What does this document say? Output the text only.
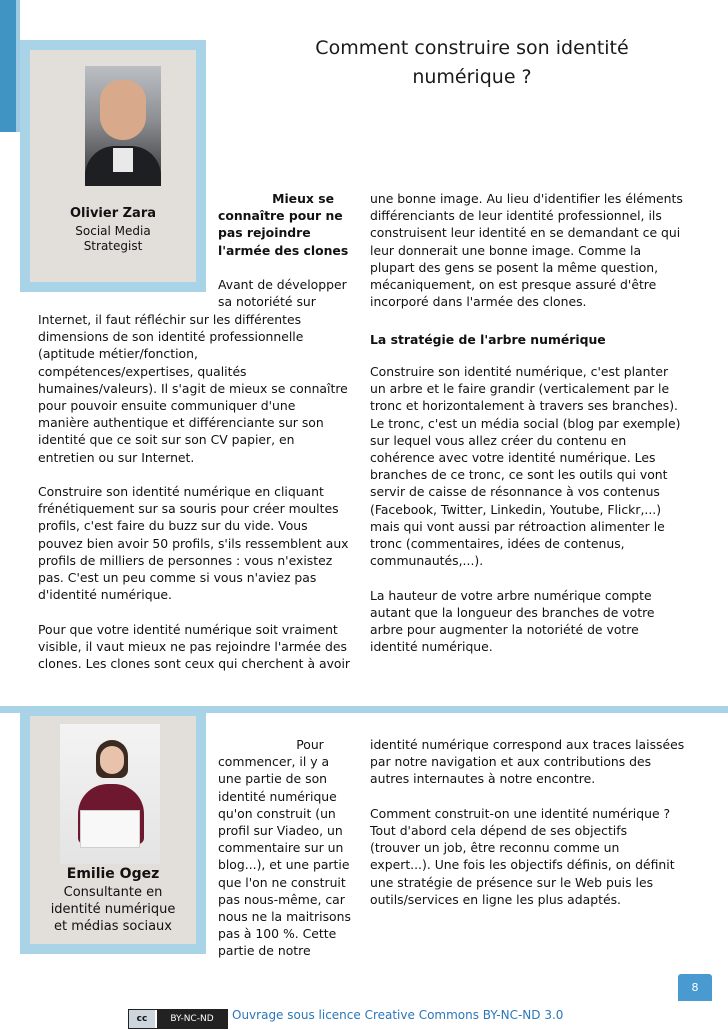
Comment construire son identité
numérique ?
Olivier Zara
Social Media
Strategist
Mieux se
connaître pour ne
pas rejoindre
l'armée des clones
Avant de développer
sa notoriété sur
Internet, il faut réfléchir sur les différentes
dimensions de son identité professionnelle
(aptitude métier/fonction,
compétences/expertises, qualités
humaines/valeurs). Il s'agit de mieux se connaître
pour pouvoir ensuite communiquer d'une
manière authentique et différenciante sur son
identité que ce soit sur son CV papier, en
entretien ou sur Internet.
Construire son identité numérique en cliquant
frénétiquement sur sa souris pour créer moultes
profils, c'est faire du buzz sur du vide. Vous
pouvez bien avoir 50 profils, s'ils ressemblent aux
profils de milliers de personnes : vous n'existez
pas. C'est un peu comme si vous n'aviez pas
d'identité numérique.
Pour que votre identité numérique soit vraiment
visible, il vaut mieux ne pas rejoindre l'armée des
clones. Les clones sont ceux qui cherchent à avoir
une bonne image. Au lieu d'identifier les éléments
différenciants de leur identité professionnel, ils
construisent leur identité en se demandant ce qui
leur donnerait une bonne image. Comme la
plupart des gens se posent la même question,
mécaniquement, on est presque assuré d'être
incorporé dans l'armée des clones.
La stratégie de l'arbre numérique
Construire son identité numérique, c'est planter
un arbre et le faire grandir (verticalement par le
tronc et horizontalement à travers ses branches).
Le tronc, c'est un média social (blog par exemple)
sur lequel vous allez créer du contenu en
cohérence avec votre identité numérique. Les
branches de ce tronc, ce sont les outils qui vont
servir de caisse de résonnance à vos contenus
(Facebook, Twitter, Linkedin, Youtube, Flickr,...)
mais qui vont aussi par rétroaction alimenter le
tronc (commentaires, idées de contenus,
communautés,...).
La hauteur de votre arbre numérique compte
autant que la longueur des branches de votre
arbre pour augmenter la notoriété de votre
identité numérique.
Emilie Ogez
Consultante en
identité numérique
et médias sociaux
Pour
commencer, il y a
une partie de son
identité numérique
qu'on construit (un
profil sur Viadeo, un
commentaire sur un
blog...), et une partie
que l'on ne construit
pas nous-même, car
nous ne la maitrisons
pas à 100 %. Cette
partie de notre
identité numérique correspond aux traces laissées
par notre navigation et aux contributions des
autres internautes à notre encontre.
Comment construit-on une identité numérique ?
Tout d'abord cela dépend de ses objectifs
(trouver un job, être reconnu comme un
expert...). Une fois les objectifs définis, on définit
une stratégie de présence sur le Web puis les
outils/services en ligne les plus adaptés.
8
cc	BY-NC-ND	Ouvrage sous licence Creative Commons BY-NC-ND 3.0
